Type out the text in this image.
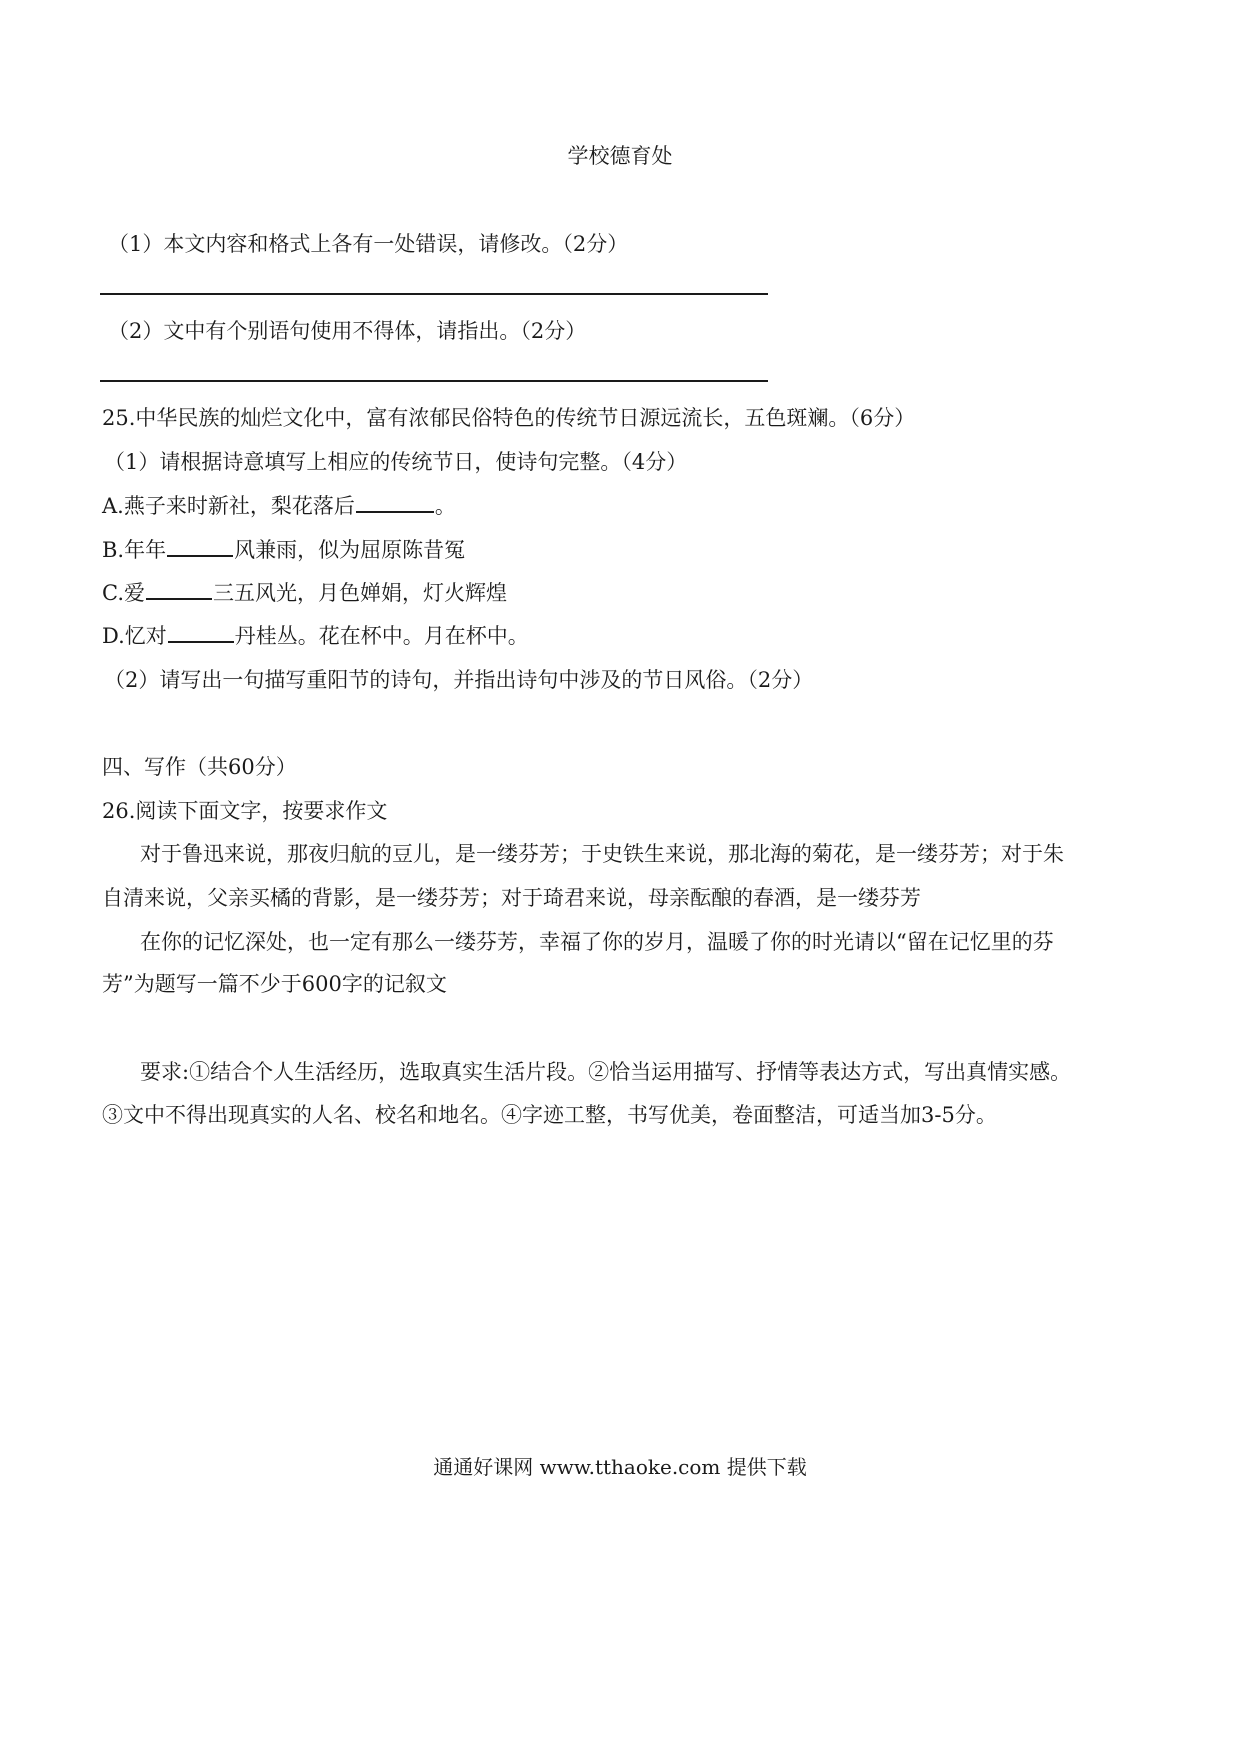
学校德育处
（1）本文内容和格式上各有一处错误，请修改。（2分）
（2）文中有个别语句使用不得体，请指出。（2分）
25.中华民族的灿烂文化中，富有浓郁民俗特色的传统节日源远流长，五色斑斓。（6分）
（1）请根据诗意填写上相应的传统节日，使诗句完整。（4分）
A.燕子来时新社，梨花落后	。
B.年年	风兼雨，似为屈原陈昔冤
C.爱	三五风光，月色婵娟，灯火辉煌
D.忆对	丹桂丛。花在杯中。月在杯中。
（2）请写出一句描写重阳节的诗句，并指出诗句中涉及的节日风俗。（2分）
四、写作（共60分）
26.阅读下面文字，按要求作文
对于鲁迅来说，那夜归航的豆儿，是一缕芬芳；于史铁生来说，那北海的菊花，是一缕芬芳；对于朱
自清来说，父亲买橘的背影，是一缕芬芳；对于琦君来说，母亲酝酿的春酒，是一缕芬芳
在你的记忆深处，也一定有那么一缕芬芳，幸福了你的岁月，温暖了你的时光请以“留在记忆里的芬
芳”为题写一篇不少于600字的记叙文
要求:①结合个人生活经历，选取真实生活片段。②恰当运用描写、抒情等表达方式，写出真情实感。
③文中不得出现真实的人名、校名和地名。④字迹工整，书写优美，卷面整洁，可适当加3-5分。
通通好课网 www.tthaoke.com 提供下载
